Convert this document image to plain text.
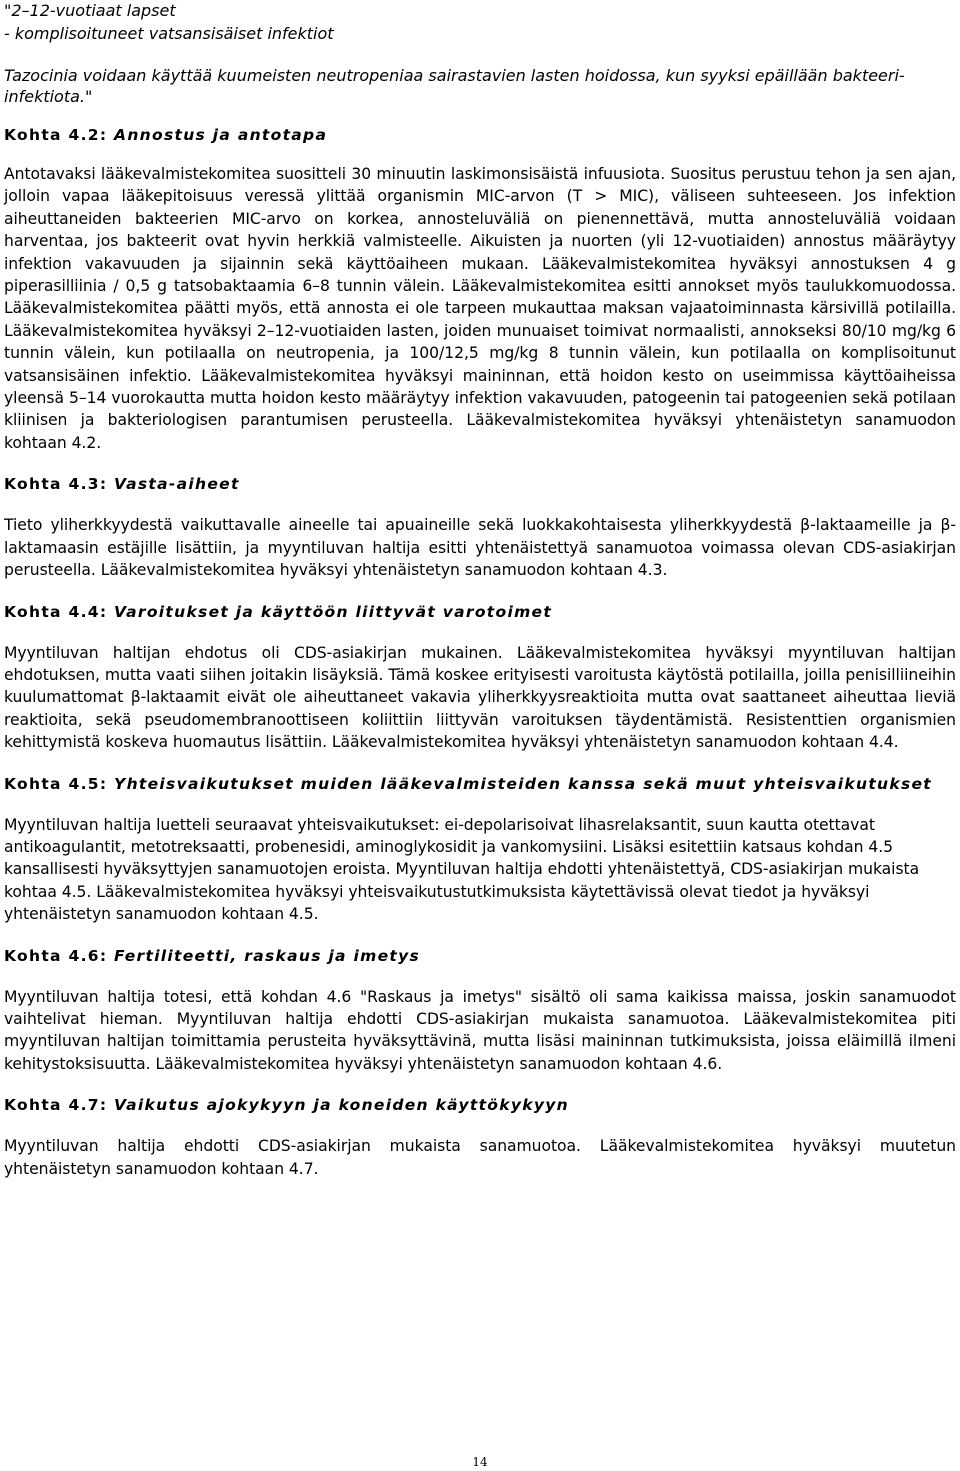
"2–12-vuotiaat lapset
- komplisoituneet vatsansisäiset infektiot
Tazocinia voidaan käyttää kuumeisten neutropeniaa sairastavien lasten hoidossa, kun syyksi epäillään bakteeri-infektiota."
Kohta 4.2: Annostus ja antotapa

Antotavaksi lääkevalmistekomitea suositteli 30 minuutin laskimonsisäistä infuusiota. Suositus perustuu tehon ja sen ajan, jolloin vapaa lääkepitoisuus veressä ylittää organismin MIC-arvon (T > MIC), väliseen suhteeseen. Jos infektion aiheuttaneiden bakteerien MIC-arvo on korkea, annosteluväliä on pienennettävä, mutta annosteluväliä voidaan harventaa, jos bakteerit ovat hyvin herkkiä valmisteelle. Aikuisten ja nuorten (yli 12-vuotiaiden) annostus määräytyy infektion vakavuuden ja sijainnin sekä käyttöaiheen mukaan. Lääkevalmistekomitea hyväksyi annostuksen 4 g piperasilliinia / 0,5 g tatsobaktaamia 6–8 tunnin välein. Lääkevalmistekomitea esitti annokset myös taulukkomuodossa. Lääkevalmistekomitea päätti myös, että annosta ei ole tarpeen mukauttaa maksan vajaatoiminnasta kärsivillä potilailla. Lääkevalmistekomitea hyväksyi 2–12-vuotiaiden lasten, joiden munuaiset toimivat normaalisti, annokseksi 80/10 mg/kg 6 tunnin välein, kun potilaalla on neutropenia, ja 100/12,5 mg/kg 8 tunnin välein, kun potilaalla on komplisoitunut vatsansisäinen infektio. Lääkevalmistekomitea hyväksyi maininnan, että hoidon kesto on useimmissa käyttöaiheissa yleensä 5–14 vuorokautta mutta hoidon kesto määräytyy infektion vakavuuden, patogeenin tai patogeenien sekä potilaan kliinisen ja bakteriologisen parantumisen perusteella. Lääkevalmistekomitea hyväksyi yhtenäistetyn sanamuodon kohtaan 4.2.

Kohta 4.3: Vasta-aiheet

Tieto yliherkkyydestä vaikuttavalle aineelle tai apuaineille sekä luokkakohtaisesta yliherkkyydestä β-laktaameille ja β-laktamaasin estäjille lisättiin, ja myyntiluvan haltija esitti yhtenäistettyä sanamuotoa voimassa olevan CDS-asiakirjan perusteella. Lääkevalmistekomitea hyväksyi yhtenäistetyn sanamuodon kohtaan 4.3.

Kohta 4.4: Varoitukset ja käyttöön liittyvät varotoimet

Myyntiluvan haltijan ehdotus oli CDS-asiakirjan mukainen. Lääkevalmistekomitea hyväksyi myyntiluvan haltijan ehdotuksen, mutta vaati siihen joitakin lisäyksiä. Tämä koskee erityisesti varoitusta käytöstä potilailla, joilla penisilliineihin kuulumattomat β-laktaamit eivät ole aiheuttaneet vakavia yliherkkyysreaktioita mutta ovat saattaneet aiheuttaa lieviä reaktioita, sekä pseudomembranoottiseen koliittiin liittyvän varoituksen täydentämistä. Resistenttien organismien kehittymistä koskeva huomautus lisättiin. Lääkevalmistekomitea hyväksyi yhtenäistetyn sanamuodon kohtaan 4.4.

Kohta 4.5: Yhteisvaikutukset muiden lääkevalmisteiden kanssa sekä muut yhteisvaikutukset

Myyntiluvan haltija luetteli seuraavat yhteisvaikutukset: ei-depolarisoivat lihasrelaksantit, suun kautta otettavat antikoagulantit, metotreksaatti, probenesidi, aminoglykosidit ja vankomysiini. Lisäksi esitettiin katsaus kohdan 4.5 kansallisesti hyväksyttyjen sanamuotojen eroista. Myyntiluvan haltija ehdotti yhtenäistettyä, CDS-asiakirjan mukaista kohtaa 4.5. Lääkevalmistekomitea hyväksyi yhteisvaikutustutkimuksista käytettävissä olevat tiedot ja hyväksyi yhtenäistetyn sanamuodon kohtaan 4.5.

Kohta 4.6: Fertiliteetti, raskaus ja imetys

Myyntiluvan haltija totesi, että kohdan 4.6 "Raskaus ja imetys" sisältö oli sama kaikissa maissa, joskin sanamuodot vaihtelivat hieman. Myyntiluvan haltija ehdotti CDS-asiakirjan mukaista sanamuotoa. Lääkevalmistekomitea piti myyntiluvan haltijan toimittamia perusteita hyväksyttävinä, mutta lisäsi maininnan tutkimuksista, joissa eläimillä ilmeni kehitystoksisuutta. Lääkevalmistekomitea hyväksyi yhtenäistetyn sanamuodon kohtaan 4.6.

Kohta 4.7: Vaikutus ajokykyyn ja koneiden käyttökykyyn

Myyntiluvan haltija ehdotti CDS-asiakirjan mukaista sanamuotoa. Lääkevalmistekomitea hyväksyi muutetun yhtenäistetyn sanamuodon kohtaan 4.7.

14
